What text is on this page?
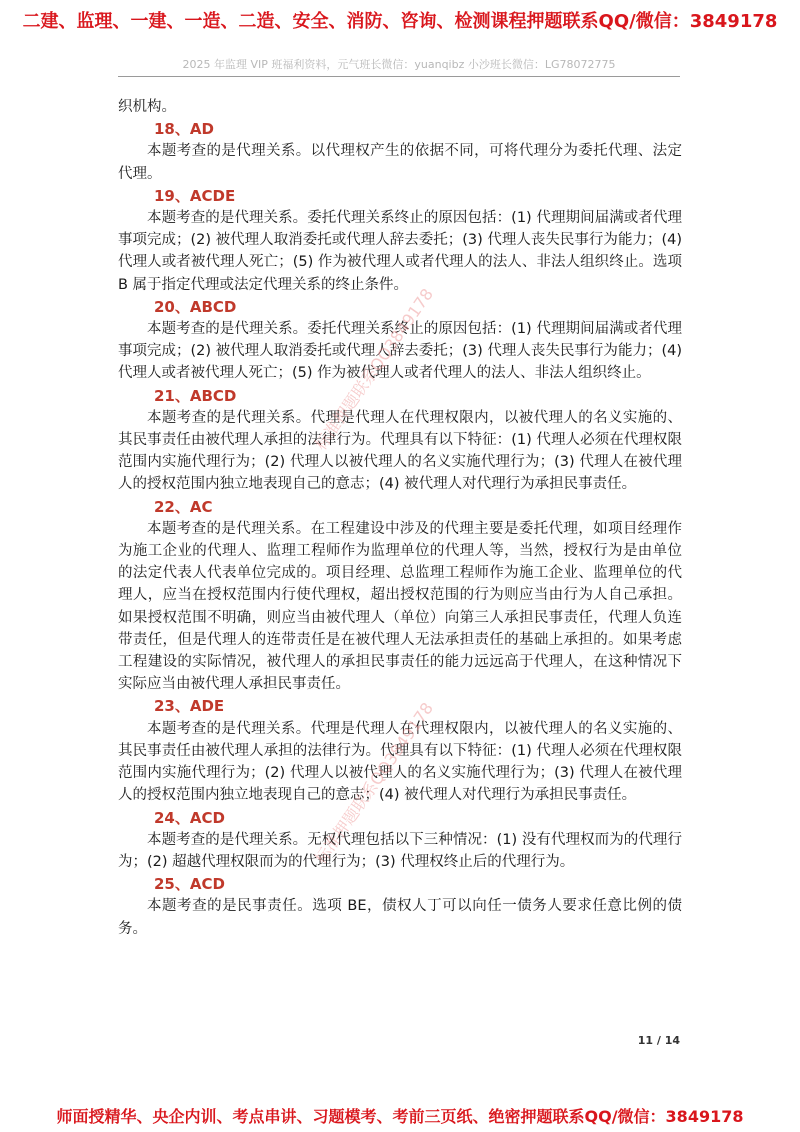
二建、监理、一建、一造、二造、安全、消防、咨询、检测课程押题联系QQ/微信：3849178
2025 年监理 VIP 班福利资料，元气班长微信：yuanqibz 小沙班长微信：LG78072775

织机构。

18、AD

本题考查的是代理关系。以代理权产生的依据不同，可将代理分为委托代理、法定代理。

19、ACDE

本题考查的是代理关系。委托代理关系终止的原因包括：(1) 代理期间届满或者代理事项完成；(2) 被代理人取消委托或代理人辞去委托；(3) 代理人丧失民事行为能力；(4) 代理人或者被代理人死亡；(5) 作为被代理人或者代理人的法人、非法人组织终止。选项 B 属于指定代理或法定代理关系的终止条件。

20、ABCD

本题考查的是代理关系。委托代理关系终止的原因包括：(1) 代理期间届满或者代理事项完成；(2) 被代理人取消委托或代理人辞去委托；(3) 代理人丧失民事行为能力；(4) 代理人或者被代理人死亡；(5) 作为被代理人或者代理人的法人、非法人组织终止。

21、ABCD

本题考查的是代理关系。代理是代理人在代理权限内，以被代理人的名义实施的、其民事责任由被代理人承担的法律行为。代理具有以下特征：(1) 代理人必须在代理权限范围内实施代理行为；(2) 代理人以被代理人的名义实施代理行为；(3) 代理人在被代理人的授权范围内独立地表现自己的意志；(4) 被代理人对代理行为承担民事责任。

22、AC

本题考查的是代理关系。在工程建设中涉及的代理主要是委托代理，如项目经理作为施工企业的代理人、监理工程师作为监理单位的代理人等，当然，授权行为是由单位的法定代表人代表单位完成的。项目经理、总监理工程师作为施工企业、监理单位的代理人，应当在授权范围内行使代理权，超出授权范围的行为则应当由行为人自己承担。如果授权范围不明确，则应当由被代理人（单位）向第三人承担民事责任，代理人负连带责任，但是代理人的连带责任是在被代理人无法承担责任的基础上承担的。如果考虑工程建设的实际情况，被代理人的承担民事责任的能力远远高于代理人，在这种情况下实际应当由被代理人承担民事责任。

23、ADE

本题考查的是代理关系。代理是代理人在代理权限内，以被代理人的名义实施的、其民事责任由被代理人承担的法律行为。代理具有以下特征：(1) 代理人必须在代理权限范围内实施代理行为；(2) 代理人以被代理人的名义实施代理行为；(3) 代理人在被代理人的授权范围内独立地表现自己的意志；(4) 被代理人对代理行为承担民事责任。

24、ACD

本题考查的是代理关系。无权代理包括以下三种情况：(1) 没有代理权而为的代理行为；(2) 超越代理权限而为的代理行为；(3) 代理权终止后的代理行为。

25、ACD

本题考查的是民事责任。选项 BE，债权人丁可以向任一债务人要求任意比例的债务。

11 / 14
师面授精华、央企内训、考点串讲、习题模考、考前三页纸、绝密押题联系QQ/微信：3849178
标准押题联系QQ3849178
标准押题联系QQ3849178
